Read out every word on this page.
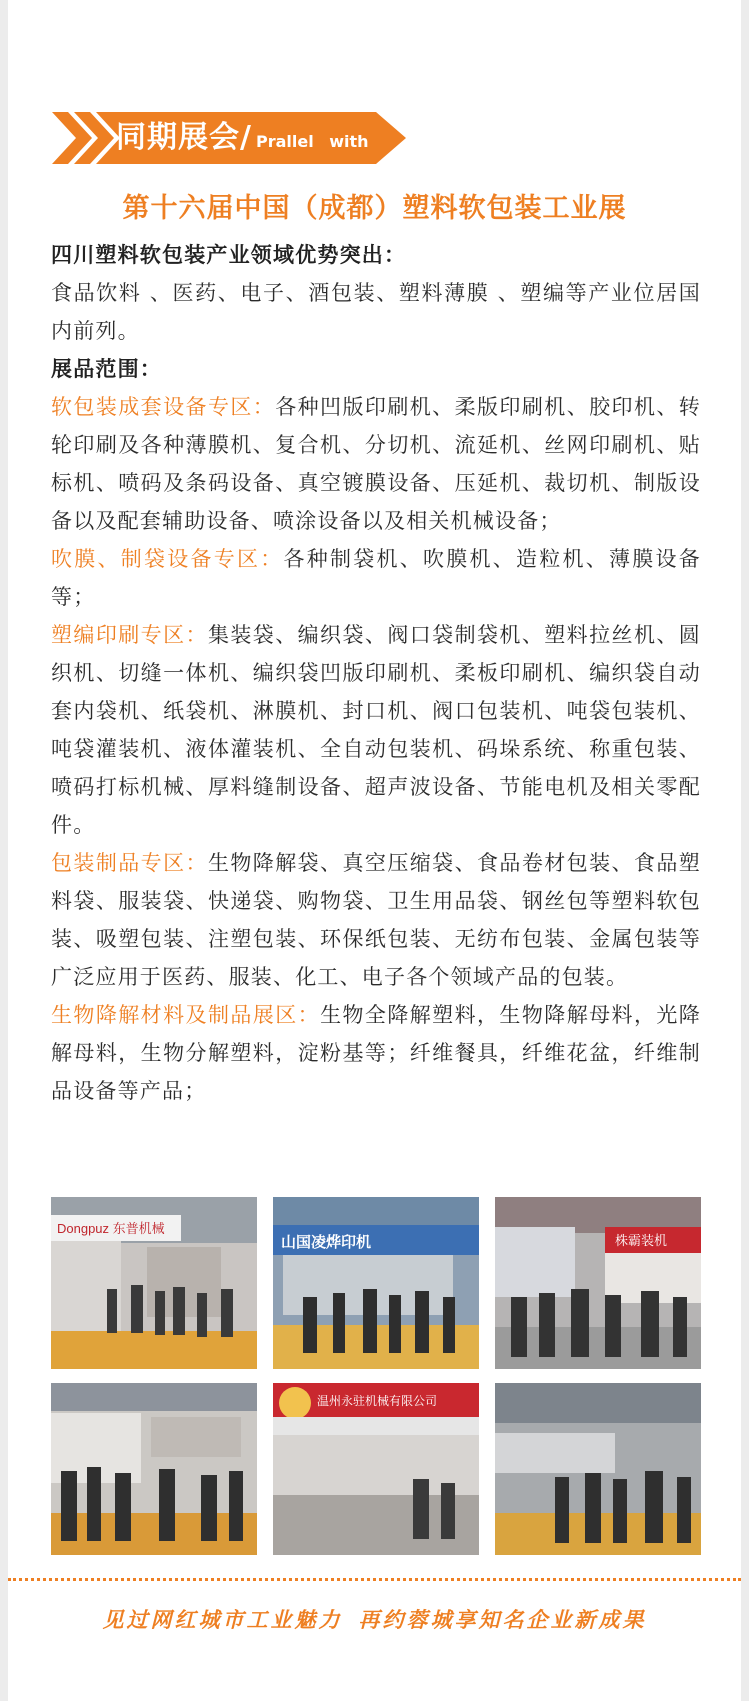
同期展会/ Prallel with
第十六届中国（成都）塑料软包装工业展

四川塑料软包装产业领域优势突出：

食品饮料 、医药、电子、酒包装、塑料薄膜 、塑编等产业位居国内前列。

展品范围：

软包装成套设备专区：各种凹版印刷机、柔版印刷机、胶印机、转轮印刷及各种薄膜机、复合机、分切机、流延机、丝网印刷机、贴标机、喷码及条码设备、真空镀膜设备、压延机、裁切机、制版设备以及配套辅助设备、喷涂设备以及相关机械设备；

吹膜、制袋设备专区：各种制袋机、吹膜机、造粒机、薄膜设备等；

塑编印刷专区：集装袋、编织袋、阀口袋制袋机、塑料拉丝机、圆织机、切缝一体机、编织袋凹版印刷机、柔板印刷机、编织袋自动套内袋机、纸袋机、淋膜机、封口机、阀口包装机、吨袋包装机、吨袋灌装机、液体灌装机、全自动包装机、码垛系统、称重包装、喷码打标机械、厚料缝制设备、超声波设备、节能电机及相关零配件。

包装制品专区：生物降解袋、真空压缩袋、食品卷材包装、食品塑料袋、服装袋、快递袋、购物袋、卫生用品袋、钢丝包等塑料软包装、吸塑包装、注塑包装、环保纸包装、无纺布包装、金属包装等广泛应用于医药、服装、化工、电子各个领域产品的包装。

生物降解材料及制品展区：生物全降解塑料，生物降解母料，光降解母料，生物分解塑料，淀粉基等；纤维餐具，纤维花盆，纤维制品设备等产品；

Dongpuz 东普机械
山国凌烨印机	株霸装机
温州永驻机械有限公司
见过网红城市工业魅力 再约蓉城享知名企业新成果
